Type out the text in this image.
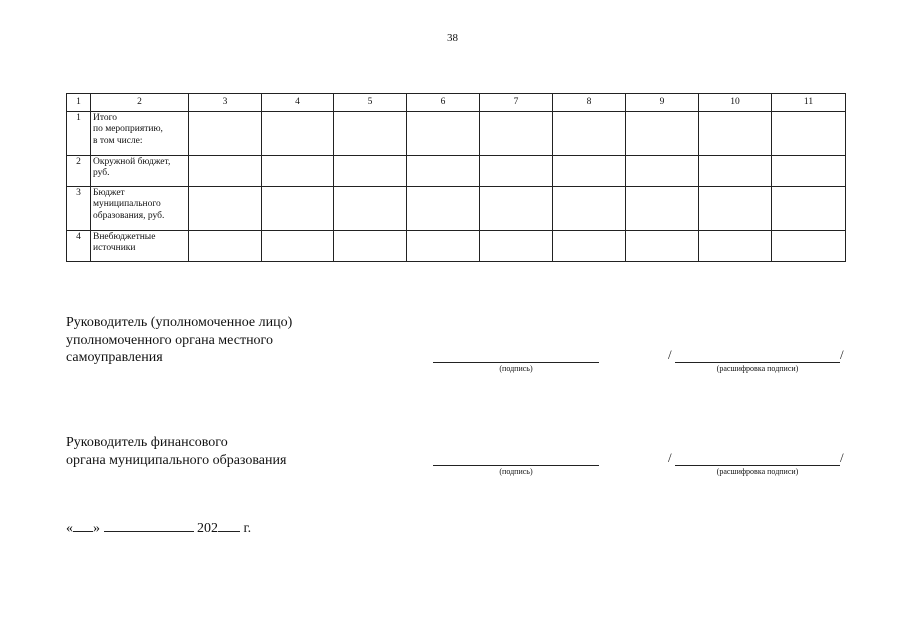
38
1	2	3	4	5	6	7	8	9	10	11
1	Итого
по мероприятию,
в том числе:									

2	Окружной бюджет,
руб.									

3	Бюджет
муниципального
образования, руб.									

4	Внебюджетные
источники									

Руководитель (уполномоченное лицо)
уполномоченного органа местного
самоуправления
(подпись)
/	/
(расшифровка подписи)
Руководитель финансового
органа муниципального образования
(подпись)
/	/
(расшифровка подписи)
« »	202 г.
